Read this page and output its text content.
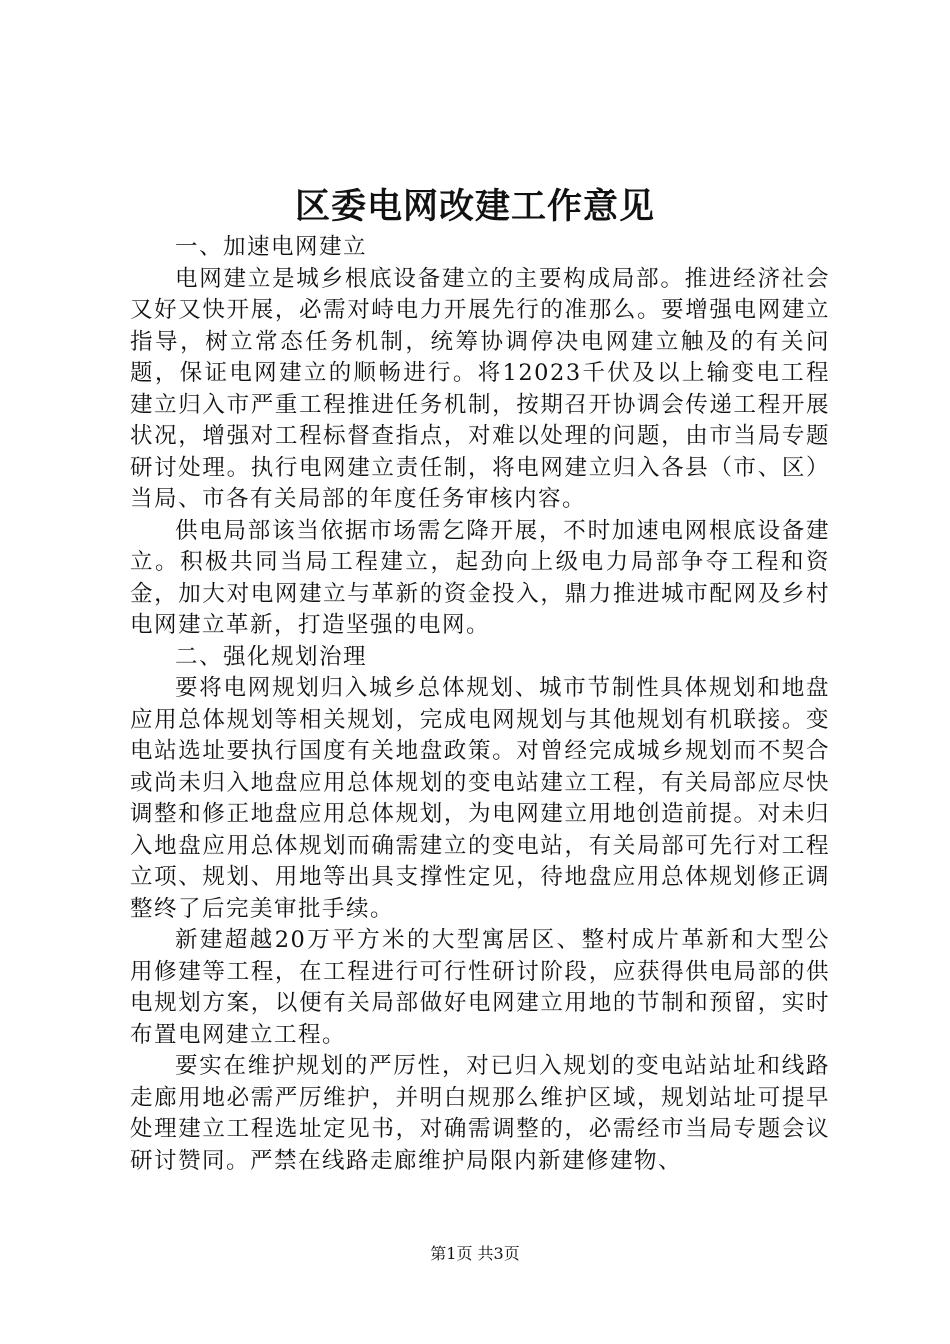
区委电网改建工作意见

一、加速电网建立

电网建立是城乡根底设备建立的主要构成局部。推进经济社会又好又快开展，必需对峙电力开展先行的准那么。要增强电网建立指导，树立常态任务机制，统筹协调停决电网建立触及的有关问题，保证电网建立的顺畅进行。将12023千伏及以上输变电工程建立归入市严重工程推进任务机制，按期召开协调会传递工程开展状况，增强对工程标督查指点，对难以处理的问题，由市当局专题研讨处理。执行电网建立责任制，将电网建立归入各县（市、区）当局、市各有关局部的年度任务审核内容。

供电局部该当依据市场需乞降开展，不时加速电网根底设备建立。积极共同当局工程建立，起劲向上级电力局部争夺工程和资金，加大对电网建立与革新的资金投入，鼎力推进城市配网及乡村电网建立革新，打造坚强的电网。

二、强化规划治理

要将电网规划归入城乡总体规划、城市节制性具体规划和地盘应用总体规划等相关规划，完成电网规划与其他规划有机联接。变电站选址要执行国度有关地盘政策。对曾经完成城乡规划而不契合或尚未归入地盘应用总体规划的变电站建立工程，有关局部应尽快调整和修正地盘应用总体规划，为电网建立用地创造前提。对未归入地盘应用总体规划而确需建立的变电站，有关局部可先行对工程立项、规划、用地等出具支撑性定见，待地盘应用总体规划修正调整终了后完美审批手续。

新建超越20万平方米的大型寓居区、整村成片革新和大型公用修建等工程，在工程进行可行性研讨阶段，应获得供电局部的供电规划方案，以便有关局部做好电网建立用地的节制和预留，实时布置电网建立工程。

要实在维护规划的严厉性，对已归入规划的变电站站址和线路走廊用地必需严厉维护，并明白规那么维护区域，规划站址可提早处理建立工程选址定见书，对确需调整的，必需经市当局专题会议研讨赞同。严禁在线路走廊维护局限内新建修建物、

第1页 共3页
